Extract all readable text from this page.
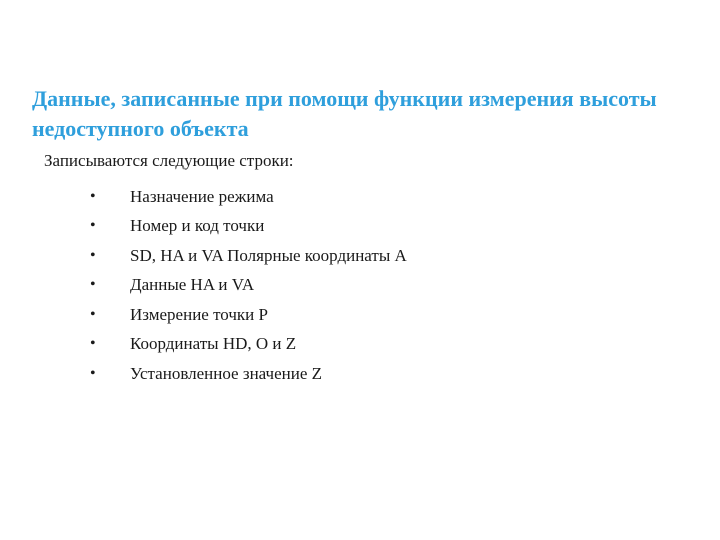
Данные, записанные при помощи функции измерения высоты
недоступного объекта

Записываются следующие строки:

•	Назначение режима
•	Номер и код точки
•	SD, HA и VA Полярные координаты A
•	Данные HA и VA
•	Измерение точки P
•	Координаты HD, O и Z
•	Установленное значение Z
